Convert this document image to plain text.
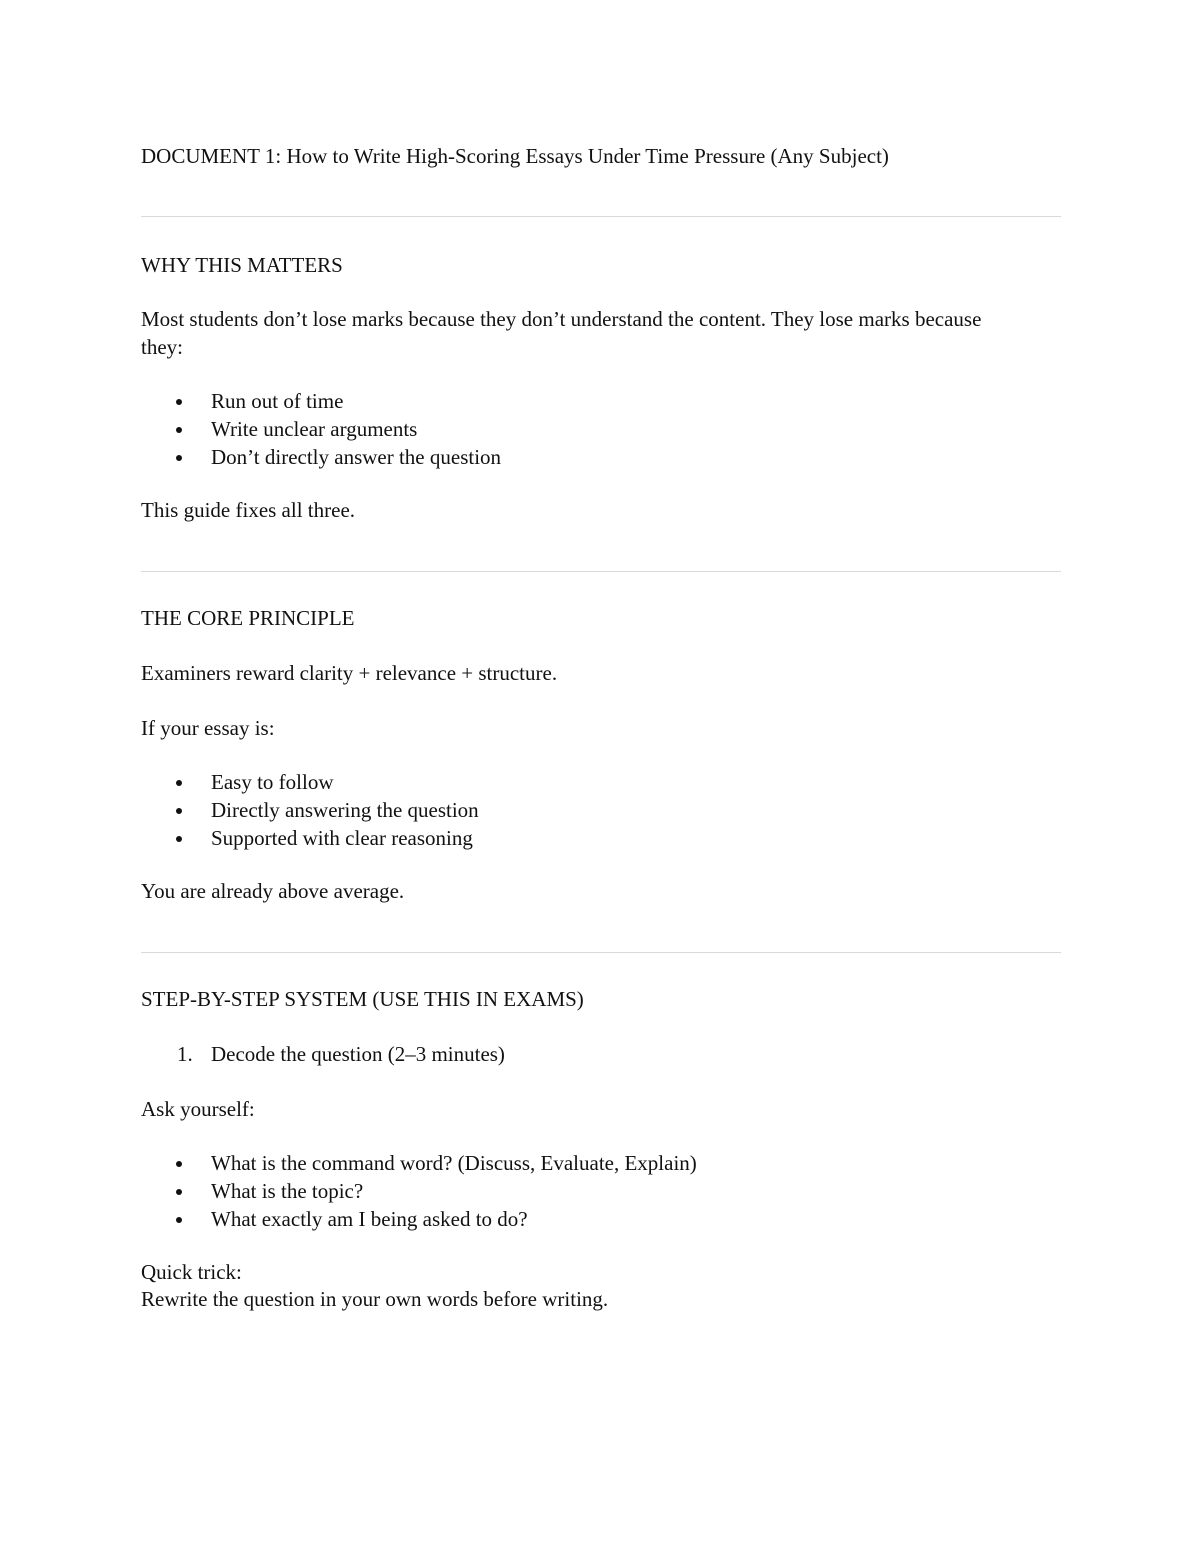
DOCUMENT 1: How to Write High-Scoring Essays Under Time Pressure (Any Subject)

WHY THIS MATTERS

Most students don’t lose marks because they don’t understand the content. They lose marks because they:

Run out of time
Write unclear arguments
Don’t directly answer the question

This guide fixes all three.

THE CORE PRINCIPLE

Examiners reward clarity + relevance + structure.

If your essay is:

Easy to follow
Directly answering the question
Supported with clear reasoning

You are already above average.

STEP-BY-STEP SYSTEM (USE THIS IN EXAMS)

1. Decode the question (2–3 minutes)

Ask yourself:

What is the command word? (Discuss, Evaluate, Explain)
What is the topic?
What exactly am I being asked to do?

Quick trick:

Rewrite the question in your own words before writing.
